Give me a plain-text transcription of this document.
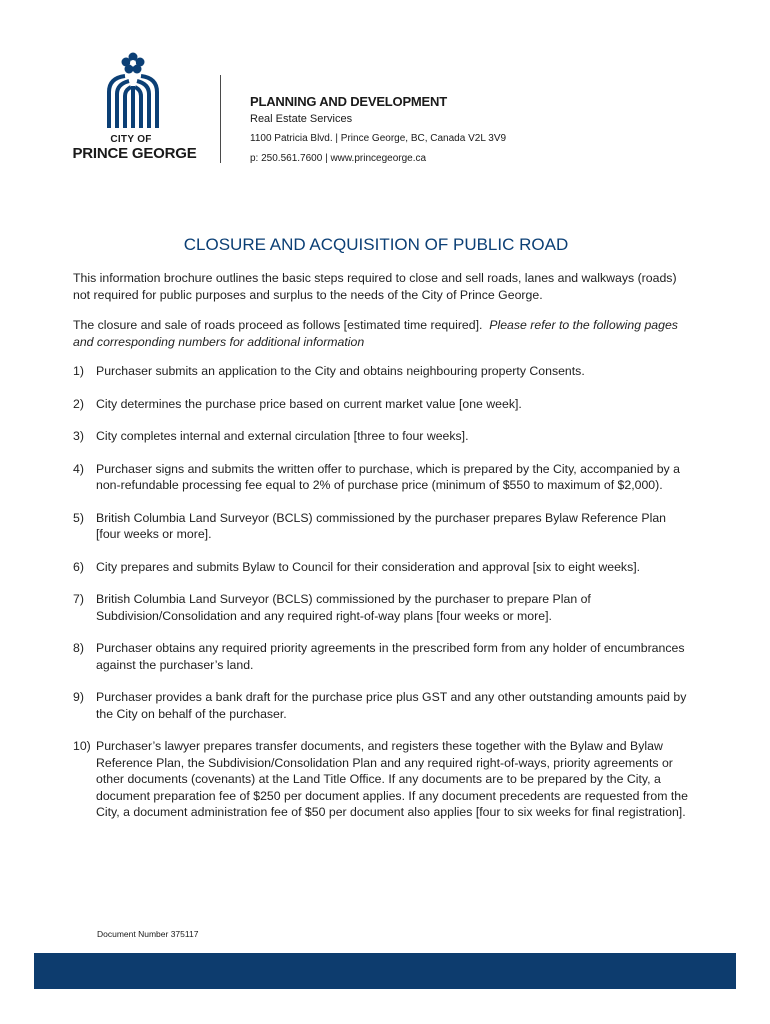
CITY OF
PRINCE GEORGE

PLANNING AND DEVELOPMENT

Real Estate Services

1100 Patricia Blvd. | Prince George, BC, Canada V2L 3V9

p: 250.561.7600 | www.princegeorge.ca

CLOSURE AND ACQUISITION OF PUBLIC ROAD

This information brochure outlines the basic steps required to close and sell roads, lanes and walkways (roads) not required for public purposes and surplus to the needs of the City of Prince George.

The closure and sale of roads proceed as follows [estimated time required]. Please refer to the following pages and corresponding numbers for additional information

1) Purchaser submits an application to the City and obtains neighbouring property Consents.
2) City determines the purchase price based on current market value [one week].
3) City completes internal and external circulation [three to four weeks].
4) Purchaser signs and submits the written offer to purchase, which is prepared by the City, accompanied by a non-refundable processing fee equal to 2% of purchase price (minimum of $550 to maximum of $2,000).
5) British Columbia Land Surveyor (BCLS) commissioned by the purchaser prepares Bylaw Reference Plan [four weeks or more].
6) City prepares and submits Bylaw to Council for their consideration and approval [six to eight weeks].
7) British Columbia Land Surveyor (BCLS) commissioned by the purchaser to prepare Plan of Subdivision/Consolidation and any required right-of-way plans [four weeks or more].
8) Purchaser obtains any required priority agreements in the prescribed form from any holder of encumbrances against the purchaser’s land.
9) Purchaser provides a bank draft for the purchase price plus GST and any other outstanding amounts paid by the City on behalf of the purchaser.
10) Purchaser’s lawyer prepares transfer documents, and registers these together with the Bylaw and Bylaw Reference Plan, the Subdivision/Consolidation Plan and any required right-of-ways, priority agreements or other documents (covenants) at the Land Title Office. If any documents are to be prepared by the City, a document preparation fee of $250 per document applies. If any document precedents are requested from the City, a document administration fee of $50 per document also applies [four to six weeks for final registration].
Document Number 375117
